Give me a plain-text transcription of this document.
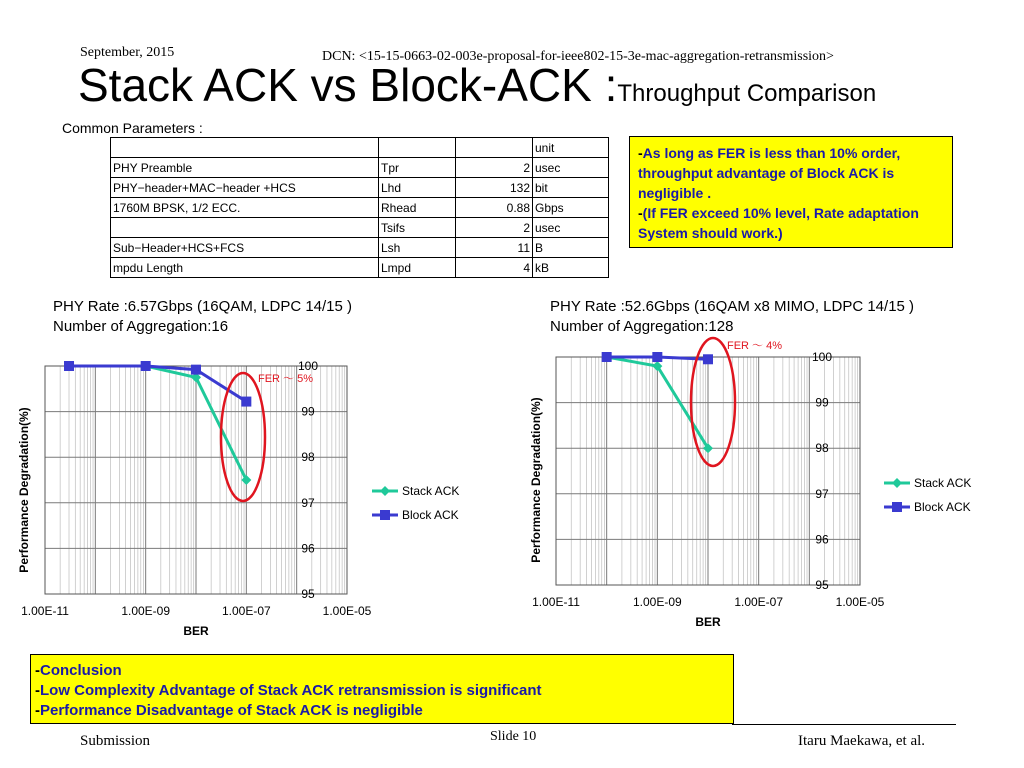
September, 2015	DCN: <15-15-0663-02-003e-proposal-for-ieee802-15-3e-mac-aggregation-retransmission>
Stack ACK vs Block-ACK :Throughput Comparison
Common Parameters :
			unit
PHY Preamble	Tpr	2	usec
PHY−header+MAC−header +HCS	Lhd	132	bit
1760M BPSK, 1/2 ECC.	Rhead	0.88	Gbps
	Tsifs	2	usec
Sub−Header+HCS+FCS	Lsh	11	B
mpdu Length	Lmpd	4	kB
-As long as FER is less than 10% order, throughput advantage of Block ACK is negligible .
-(If FER exceed 10% level, Rate adaptation System should work.)
PHY Rate :6.57Gbps (16QAM, LDPC 14/15 )
Number of Aggregation:16
PHY Rate :52.6Gbps (16QAM x8 MIMO, LDPC 14/15 )
Number of Aggregation:128
95
96
97
98
99
100
1.00E-11	1.00E-09	1.00E-07	1.00E-05
BER
Performance Degradation(%)	Stack ACK
Block ACK
FER ～ 5%
95
96
97
98
99
100
1.00E-11	1.00E-09	1.00E-07	1.00E-05
BER
Performance Degradation(%)	Stack ACK
Block ACK
FER ～ 4%
-Conclusion
-Low Complexity Advantage of Stack ACK retransmission is significant
-Performance Disadvantage of Stack ACK is negligible
Submission	Slide 10	Itaru Maekawa, et al.
